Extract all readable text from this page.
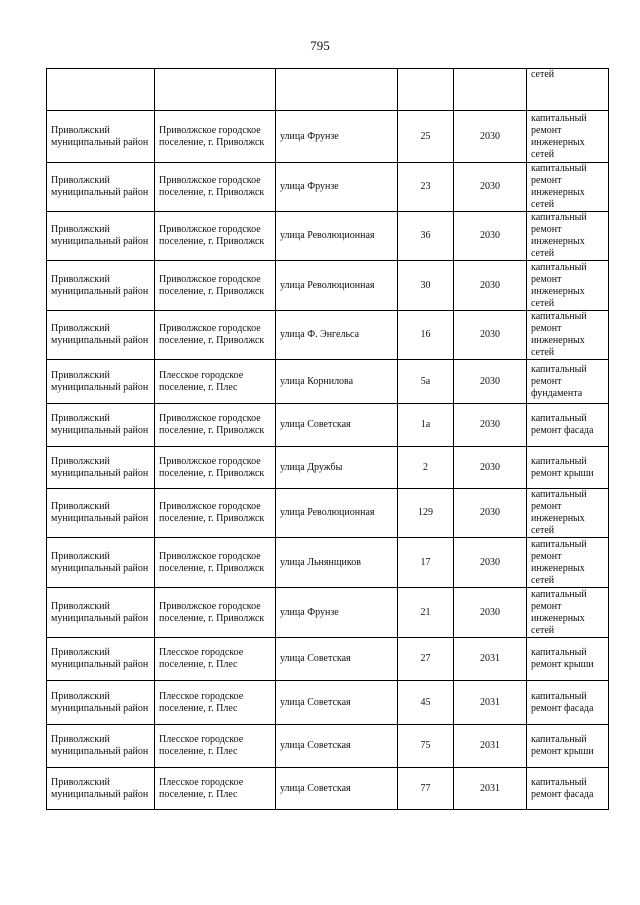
795
					сетей
Приволжский муниципальный район	Приволжское городское поселение, г. Приволжск	улица Фрунзе	25	2030	капитальный ремонт инженерных сетей
Приволжский муниципальный район	Приволжское городское поселение, г. Приволжск	улица Фрунзе	23	2030	капитальный ремонт инженерных сетей
Приволжский муниципальный район	Приволжское городское поселение, г. Приволжск	улица Революционная	36	2030	капитальный ремонт инженерных сетей
Приволжский муниципальный район	Приволжское городское поселение, г. Приволжск	улица Революционная	30	2030	капитальный ремонт инженерных сетей
Приволжский муниципальный район	Приволжское городское поселение, г. Приволжск	улица Ф. Энгельса	16	2030	капитальный ремонт инженерных сетей
Приволжский муниципальный район	Плесское городское поселение, г. Плес	улица Корнилова	5а	2030	капитальный ремонт фундамента
Приволжский муниципальный район	Приволжское городское поселение, г. Приволжск	улица Советская	1а	2030	капитальный ремонт фасада
Приволжский муниципальный район	Приволжское городское поселение, г. Приволжск	улица Дружбы	2	2030	капитальный ремонт крыши
Приволжский муниципальный район	Приволжское городское поселение, г. Приволжск	улица Революционная	129	2030	капитальный ремонт инженерных сетей
Приволжский муниципальный район	Приволжское городское поселение, г. Приволжск	улица Льнянщиков	17	2030	капитальный ремонт инженерных сетей
Приволжский муниципальный район	Приволжское городское поселение, г. Приволжск	улица Фрунзе	21	2030	капитальный ремонт инженерных сетей
Приволжский муниципальный район	Плесское городское поселение, г. Плес	улица Советская	27	2031	капитальный ремонт крыши
Приволжский муниципальный район	Плесское городское поселение, г. Плес	улица Советская	45	2031	капитальный ремонт фасада
Приволжский муниципальный район	Плесское городское поселение, г. Плес	улица Советская	75	2031	капитальный ремонт крыши
Приволжский муниципальный район	Плесское городское поселение, г. Плес	улица Советская	77	2031	капитальный ремонт фасада
